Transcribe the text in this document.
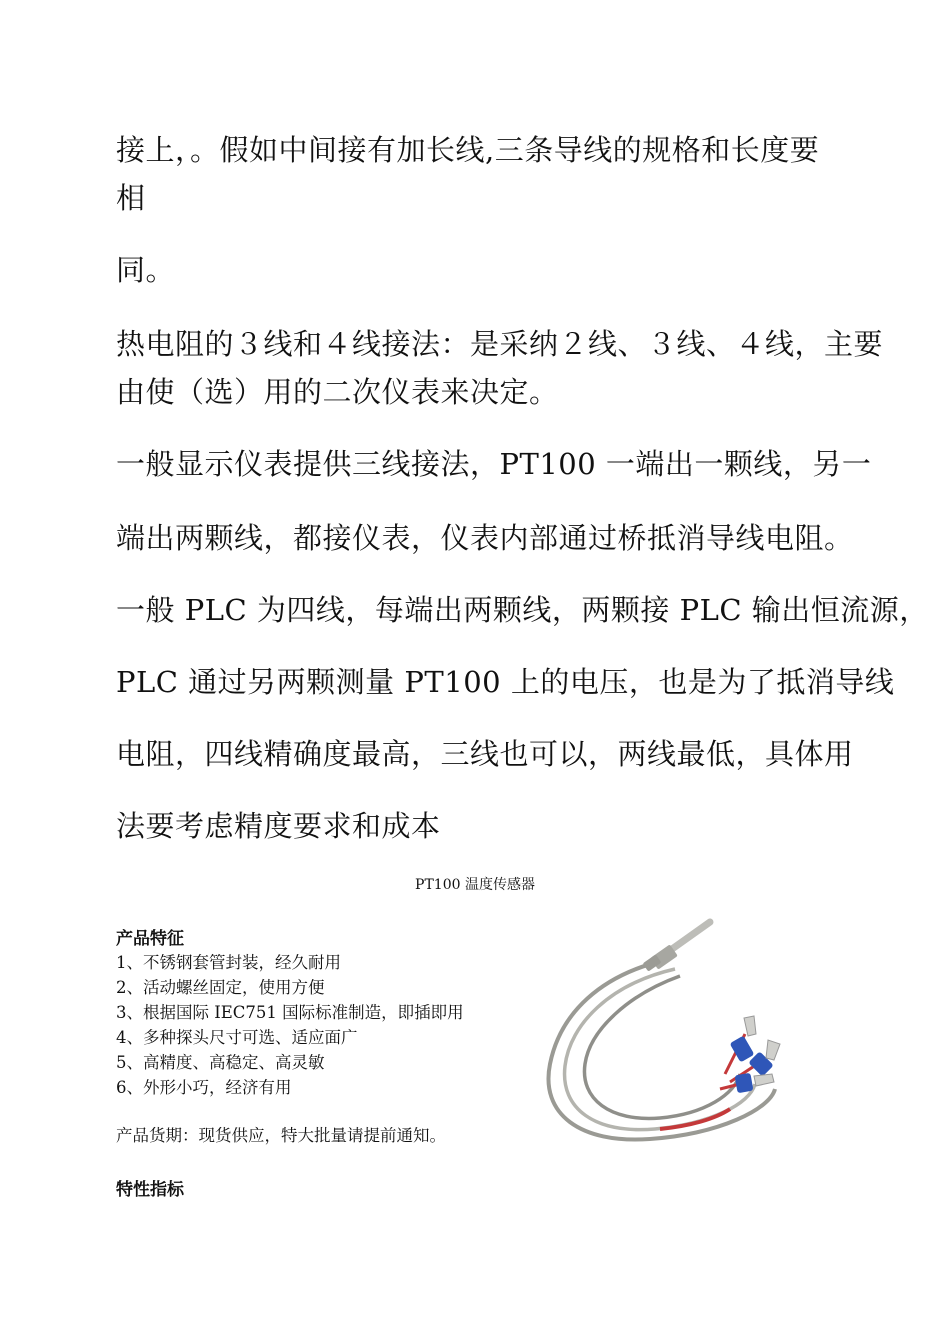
接上，。假如中间接有加长线,三条导线的规格和长度要

相

同。

热电阻的３线和４线接法：是采纳２线、３线、４线，主要

由使（选）用的二次仪表来决定。

一般显示仪表提供三线接法，PT100 一端出一颗线，另一

端出两颗线，都接仪表，仪表内部通过桥抵消导线电阻。

一般 PLC 为四线，每端出两颗线，两颗接 PLC 输出恒流源，

PLC 通过另两颗测量 PT100 上的电压，也是为了抵消导线

电阻，四线精确度最高，三线也可以，两线最低，具体用

法要考虑精度要求和成本

PT100 温度传感器

产品特征

1、不锈钢套管封装，经久耐用
2、活动螺丝固定，使用方便
3、根据国际 IEC751 国际标准制造，即插即用
4、多种探头尺寸可选、适应面广
5、高精度、高稳定、高灵敏
6、外形小巧，经济有用

产品货期：现货供应，特大批量请提前通知。

特性指标
